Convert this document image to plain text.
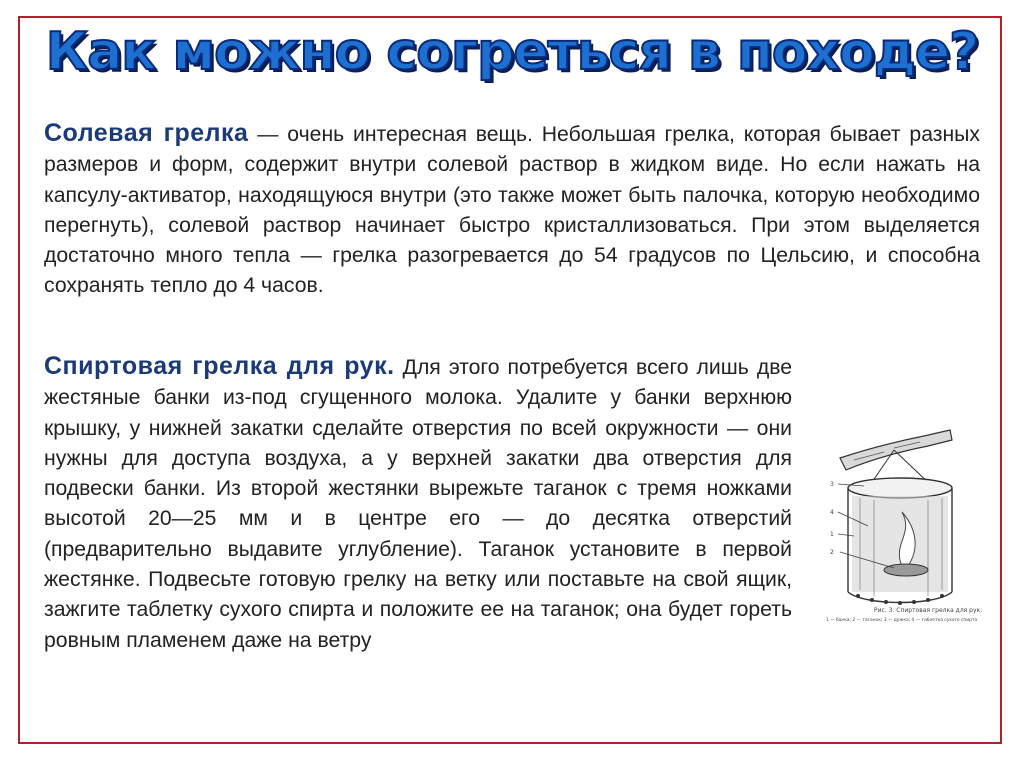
Как можно согреться в походе?

Солевая грелка — очень интересная вещь. Небольшая грелка, которая бывает разных размеров и форм, содержит внутри солевой раствор в жидком виде. Но если нажать на капсулу-активатор, находящуюся внутри (это также может быть палочка, которую необходимо перегнуть), солевой раствор начинает быстро кристаллизоваться. При этом выделяется достаточно много тепла — грелка разогревается до 54 градусов по Цельсию, и способна сохранять тепло до 4 часов.

Спиртовая грелка для рук. Для этого потребуется всего лишь две жестяные банки из-под сгущенного молока. Удалите у банки верхнюю крышку, у нижней закатки сделайте отверстия по всей окружности — они нужны для доступа воздуха, а у верхней закатки два отверстия для подвески банки. Из второй жестянки вырежьте таганок с тремя ножками высотой 20—25 мм и в центре его — до десятка отверстий (предварительно выдавите углубление). Таганок установите в первой жестянке. Подвесьте готовую грелку на ветку или поставьте на свой ящик, зажгите таблетку сухого спирта и положите ее на таганок; она будет гореть ровным пламенем даже на ветру

3
4
1
2
Рис. 3. Спиртовая грелка для рук:
1 — банка; 2 — таганок; 3 — дужка; 4 — таблетка сухого спирта
